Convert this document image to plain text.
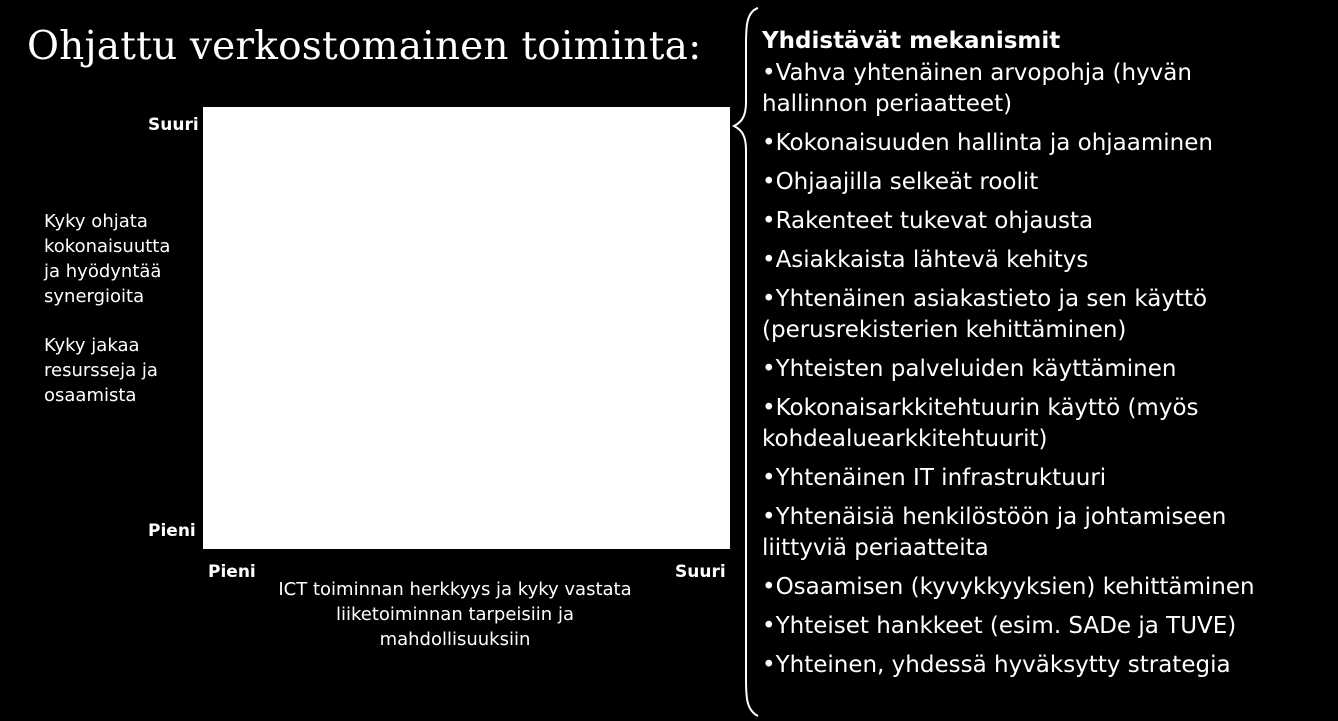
Ohjattu verkostomainen toiminta:
Suuri
Pieni
Pieni	Suuri
Kyky ohjata
kokonaisuutta
ja hyödyntää
synergioita
Kyky jakaa
resursseja ja
osaamista
ICT toiminnan herkkyys ja kyky vastata liiketoiminnan tarpeisiin ja mahdollisuuksiin
Yhdistävät mekanismit
•Vahva yhtenäinen arvopohja (hyvän
hallinnon periaatteet)
•Kokonaisuuden hallinta ja ohjaaminen
•Ohjaajilla selkeät roolit
•Rakenteet tukevat ohjausta
•Asiakkaista lähtevä kehitys
•Yhtenäinen asiakastieto ja sen käyttö
(perusrekisterien kehittäminen)
•Yhteisten palveluiden käyttäminen
•Kokonaisarkkitehtuurin käyttö (myös
kohdealuearkkitehtuurit)
•Yhtenäinen IT infrastruktuuri
•Yhtenäisiä henkilöstöön ja johtamiseen
liittyviä periaatteita
•Osaamisen (kyvykkyyksien) kehittäminen
•Yhteiset hankkeet (esim. SADe ja TUVE)
•Yhteinen, yhdessä hyväksytty strategia
